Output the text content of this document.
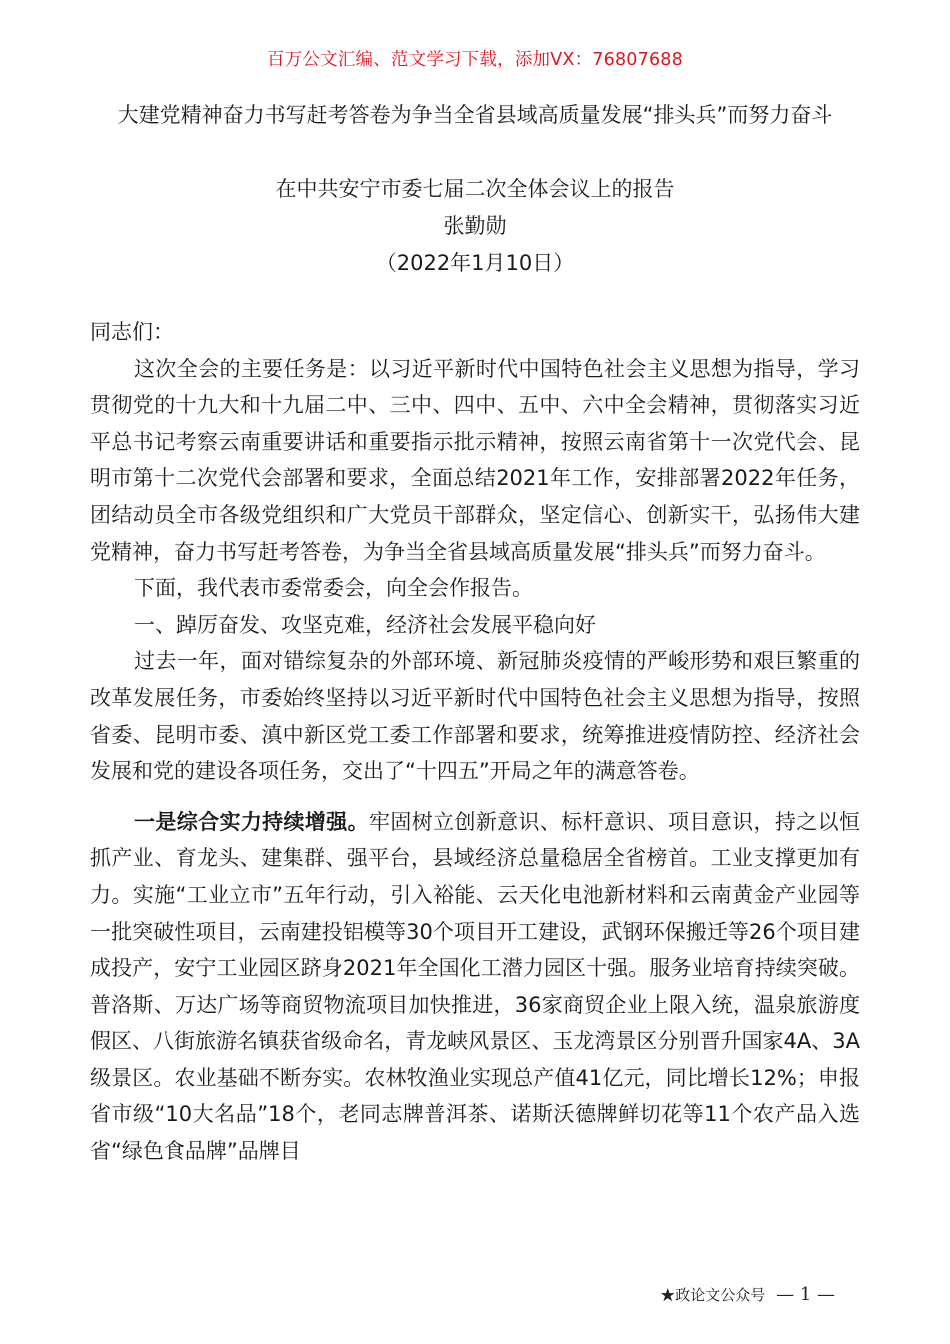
百万公文汇编、范文学习下载，添加VX：76807688
大建党精神奋力书写赶考答卷为争当全省县域高质量发展“排头兵”而努力奋斗
在中共安宁市委七届二次全体会议上的报告
张勤勋
（2022年1月10日）

同志们：

这次全会的主要任务是：以习近平新时代中国特色社会主义思想为指导，学习贯彻党的十九大和十九届二中、三中、四中、五中、六中全会精神，贯彻落实习近平总书记考察云南重要讲话和重要指示批示精神，按照云南省第十一次党代会、昆明市第十二次党代会部署和要求，全面总结2021年工作，安排部署2022年任务，团结动员全市各级党组织和广大党员干部群众，坚定信心、创新实干，弘扬伟大建党精神，奋力书写赶考答卷，为争当全省县域高质量发展“排头兵”而努力奋斗。

下面，我代表市委常委会，向全会作报告。

一、踔厉奋发、攻坚克难，经济社会发展平稳向好

过去一年，面对错综复杂的外部环境、新冠肺炎疫情的严峻形势和艰巨繁重的改革发展任务，市委始终坚持以习近平新时代中国特色社会主义思想为指导，按照省委、昆明市委、滇中新区党工委工作部署和要求，统筹推进疫情防控、经济社会发展和党的建设各项任务，交出了“十四五”开局之年的满意答卷。

一是综合实力持续增强。牢固树立创新意识、标杆意识、项目意识，持之以恒抓产业、育龙头、建集群、强平台，县域经济总量稳居全省榜首。工业支撑更加有力。实施“工业立市”五年行动，引入裕能、云天化电池新材料和云南黄金产业园等一批突破性项目，云南建投铝模等30个项目开工建设，武钢环保搬迁等26个项目建成投产，安宁工业园区跻身2021年全国化工潜力园区十强。服务业培育持续突破。普洛斯、万达广场等商贸物流项目加快推进，36家商贸企业上限入统，温泉旅游度假区、八街旅游名镇获省级命名，青龙峡风景区、玉龙湾景区分别晋升国家4A、3A级景区。农业基础不断夯实。农林牧渔业实现总产值41亿元，同比增长12%；申报省市级“10大名品”18个，老同志牌普洱茶、诺斯沃德牌鲜切花等11个农产品入选省“绿色食品牌”品牌目

★政论文公众号 — 1 —
